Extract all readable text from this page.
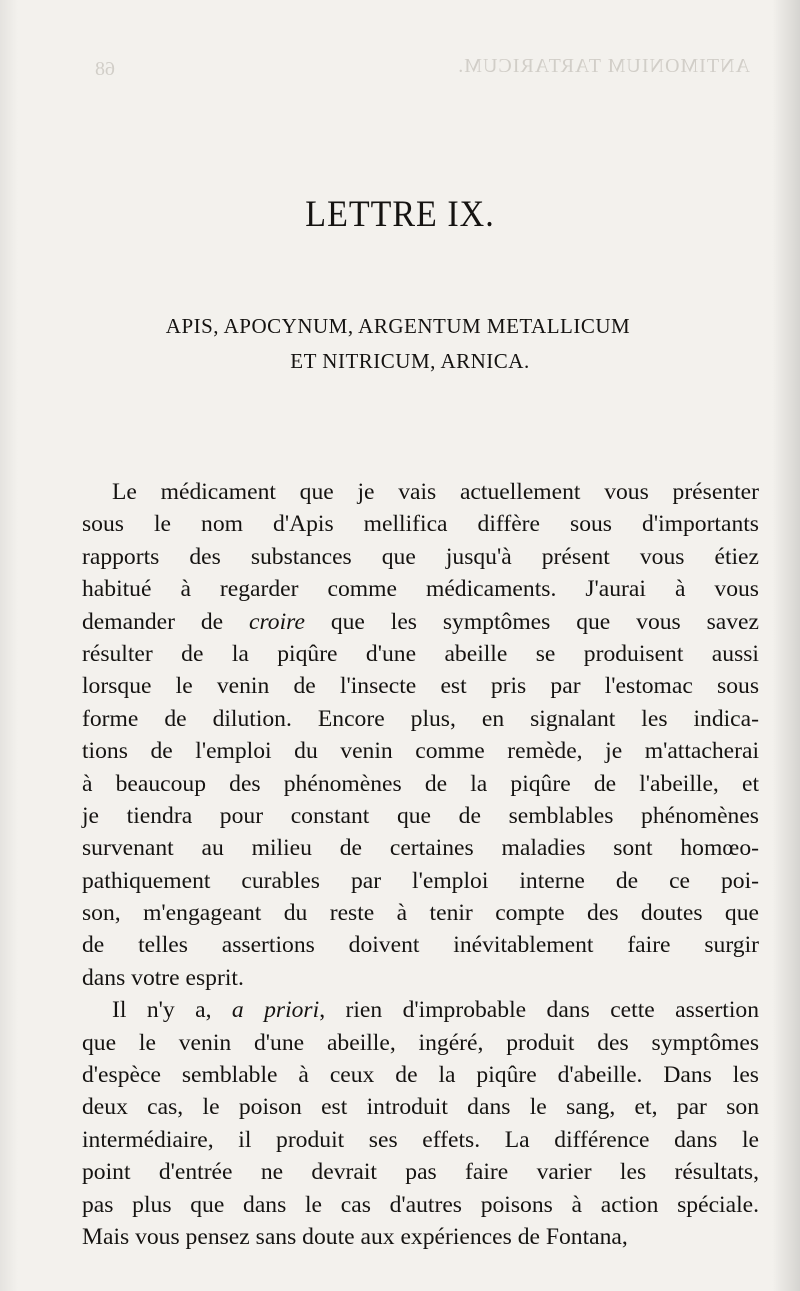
68	ANTIMONIUM TARTARICUM.
LETTRE IX.
APIS, APOCYNUM, ARGENTUM METALLICUM
ET NITRICUM, ARNICA.
Le médicament que je vais actuellement vous présenter
sous le nom d'Apis mellifica diffère sous d'importants
rapports des substances que jusqu'à présent vous étiez
habitué à regarder comme médicaments. J'aurai à vous
demander de croire que les symptômes que vous savez
résulter de la piqûre d'une abeille se produisent aussi
lorsque le venin de l'insecte est pris par l'estomac sous
forme de dilution. Encore plus, en signalant les indica-
tions de l'emploi du venin comme remède, je m'attacherai
à beaucoup des phénomènes de la piqûre de l'abeille, et
je tiendra pour constant que de semblables phénomènes
survenant au milieu de certaines maladies sont homœo-
pathiquement curables par l'emploi interne de ce poi-
son, m'engageant du reste à tenir compte des doutes que
de telles assertions doivent inévitablement faire surgir
dans votre esprit.
Il n'y a, a priori, rien d'improbable dans cette assertion
que le venin d'une abeille, ingéré, produit des symptômes
d'espèce semblable à ceux de la piqûre d'abeille. Dans les
deux cas, le poison est introduit dans le sang, et, par son
intermédiaire, il produit ses effets. La différence dans le
point d'entrée ne devrait pas faire varier les résultats,
pas plus que dans le cas d'autres poisons à action spéciale.
Mais vous pensez sans doute aux expériences de Fontana,
